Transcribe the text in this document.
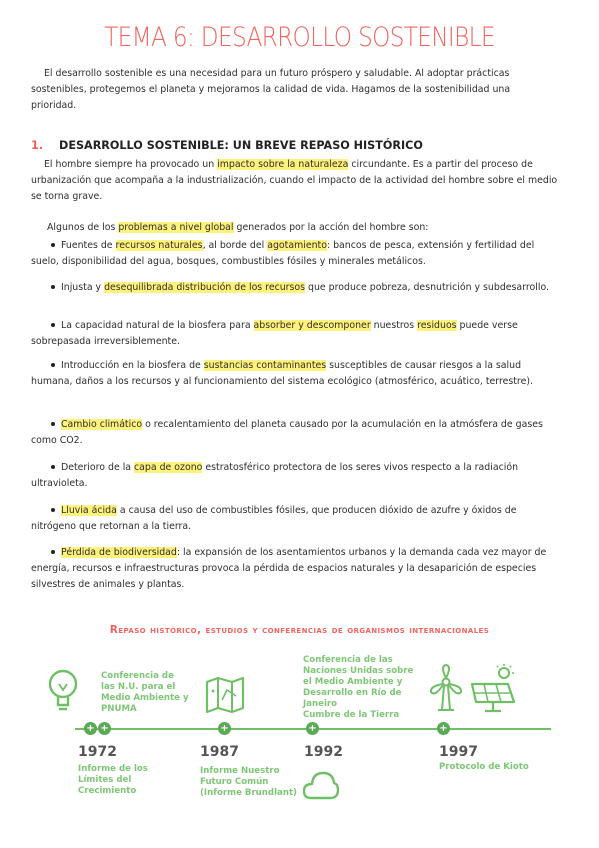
TEMA 6: DESARROLLO SOSTENIBLE
El desarrollo sostenible es una necesidad para un futuro próspero y saludable. Al adoptar prácticas sostenibles, protegemos el planeta y mejoramos la calidad de vida. Hagamos de la sostenibilidad una prioridad.
1. DESARROLLO SOSTENIBLE: UN BREVE REPASO HISTÓRICO
El hombre siempre ha provocado un impacto sobre la naturaleza circundante. Es a partir del proceso de urbanización que acompaña a la industrialización, cuando el impacto de la actividad del hombre sobre el medio se torna grave.
Algunos de los problemas a nivel global generados por la acción del hombre son:
Fuentes de recursos naturales, al borde del agotamiento: bancos de pesca, extensión y fertilidad del suelo, disponibilidad del agua, bosques, combustibles fósiles y minerales metálicos.
Injusta y desequilibrada distribución de los recursos que produce pobreza, desnutrición y subdesarrollo.
La capacidad natural de la biosfera para absorber y descomponer nuestros residuos puede verse sobrepasada irreversiblemente.
Introducción en la biosfera de sustancias contaminantes susceptibles de causar riesgos a la salud humana, daños a los recursos y al funcionamiento del sistema ecológico (atmosférico, acuático, terrestre).
Cambio climático o recalentamiento del planeta causado por la acumulación en la atmósfera de gases como CO2.
Deterioro de la capa de ozono estratosférico protectora de los seres vivos respecto a la radiación ultravioleta.
Lluvia ácida a causa del uso de combustibles fósiles, que producen dióxido de azufre y óxidos de nitrógeno que retornan a la tierra.
Pérdida de biodiversidad: la expansión de los asentamientos urbanos y la demanda cada vez mayor de energía, recursos e infraestructuras provoca la pérdida de espacios naturales y la desaparición de especies silvestres de animales y plantas.
Repaso histórico, estudios y conferencias de organismos internacionales
+ +	+	+	+
Conferencia de
las N.U. para el
Medio Ambiente y
PNUMA
Conferencia de las
Naciones Unidas sobre
el Medio Ambiente y
Desarrollo en Río de
Janeiro
Cumbre de la Tierra
1972	1987	1992	1997
Informe de los
Límites del
Crecimiento
Informe Nuestro
Futuro Común
(Informe Brundlant)
Protocolo de Kioto
